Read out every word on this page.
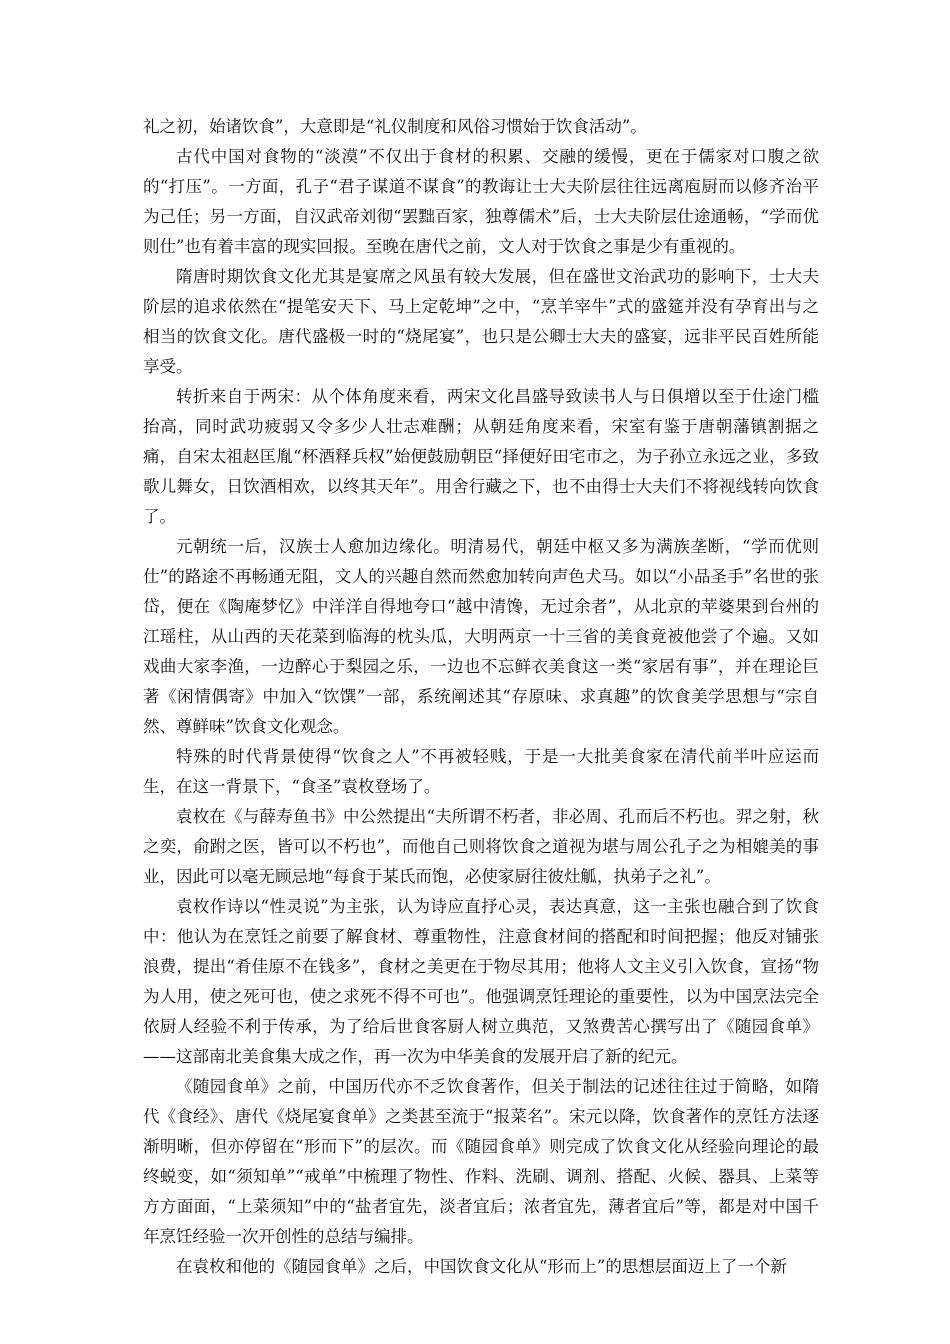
礼之初，始诸饮食”，大意即是“礼仪制度和风俗习惯始于饮食活动”。

古代中国对食物的“淡漠”不仅出于食材的积累、交融的缓慢，更在于儒家对口腹之欲的“打压”。一方面，孔子“君子谋道不谋食”的教诲让士大夫阶层往往远离庖厨而以修齐治平为己任；另一方面，自汉武帝刘彻“罢黜百家，独尊儒术”后，士大夫阶层仕途通畅，“学而优则仕”也有着丰富的现实回报。至晚在唐代之前，文人对于饮食之事是少有重视的。

隋唐时期饮食文化尤其是宴席之风虽有较大发展，但在盛世文治武功的影响下，士大夫阶层的追求依然在“提笔安天下、马上定乾坤”之中，“烹羊宰牛”式的盛筵并没有孕育出与之相当的饮食文化。唐代盛极一时的“烧尾宴”，也只是公卿士大夫的盛宴，远非平民百姓所能享受。

转折来自于两宋：从个体角度来看，两宋文化昌盛导致读书人与日俱增以至于仕途门槛抬高，同时武功疲弱又令多少人壮志难酬；从朝廷角度来看，宋室有鉴于唐朝藩镇割据之痛，自宋太祖赵匡胤“杯酒释兵权”始便鼓励朝臣“择便好田宅市之，为子孙立永远之业，多致歌儿舞女，日饮酒相欢，以终其天年”。用舍行藏之下，也不由得士大夫们不将视线转向饮食了。

元朝统一后，汉族士人愈加边缘化。明清易代，朝廷中枢又多为满族垄断，“学而优则仕”的路途不再畅通无阻，文人的兴趣自然而然愈加转向声色犬马。如以“小品圣手”名世的张岱，便在《陶庵梦忆》中洋洋自得地夸口“越中清馋，无过余者”，从北京的苹婆果到台州的江瑶柱，从山西的天花菜到临海的枕头瓜，大明两京一十三省的美食竟被他尝了个遍。又如戏曲大家李渔，一边醉心于梨园之乐，一边也不忘鲜衣美食这一类“家居有事”，并在理论巨著《闲情偶寄》中加入“饮馔”一部，系统阐述其“存原味、求真趣”的饮食美学思想与“宗自然、尊鲜味”饮食文化观念。

特殊的时代背景使得“饮食之人”不再被轻贱，于是一大批美食家在清代前半叶应运而生，在这一背景下，“食圣”袁枚登场了。

袁枚在《与薛寿鱼书》中公然提出“夫所谓不朽者，非必周、孔而后不朽也。羿之射，秋之奕，俞跗之医，皆可以不朽也”，而他自己则将饮食之道视为堪与周公孔子之为相媲美的事业，因此可以毫无顾忌地“每食于某氏而饱，必使家厨往彼灶觚，执弟子之礼”。

袁枚作诗以“性灵说”为主张，认为诗应直抒心灵，表达真意，这一主张也融合到了饮食中：他认为在烹饪之前要了解食材、尊重物性，注意食材间的搭配和时间把握；他反对铺张浪费，提出“肴佳原不在钱多”，食材之美更在于物尽其用；他将人文主义引入饮食，宣扬“物为人用，使之死可也，使之求死不得不可也”。他强调烹饪理论的重要性，以为中国烹法完全依厨人经验不利于传承，为了给后世食客厨人树立典范，又煞费苦心撰写出了《随园食单》——这部南北美食集大成之作，再一次为中华美食的发展开启了新的纪元。

《随园食单》之前，中国历代亦不乏饮食著作，但关于制法的记述往往过于简略，如隋代《食经》、唐代《烧尾宴食单》之类甚至流于“报菜名”。宋元以降，饮食著作的烹饪方法逐渐明晰，但亦停留在“形而下”的层次。而《随园食单》则完成了饮食文化从经验向理论的最终蜕变，如“须知单”“戒单”中梳理了物性、作料、洗刷、调剂、搭配、火候、器具、上菜等方方面面，“上菜须知”中的“盐者宜先，淡者宜后；浓者宜先，薄者宜后”等，都是对中国千年烹饪经验一次开创性的总结与编排。

在袁枚和他的《随园食单》之后，中国饮食文化从“形而上”的思想层面迈上了一个新
